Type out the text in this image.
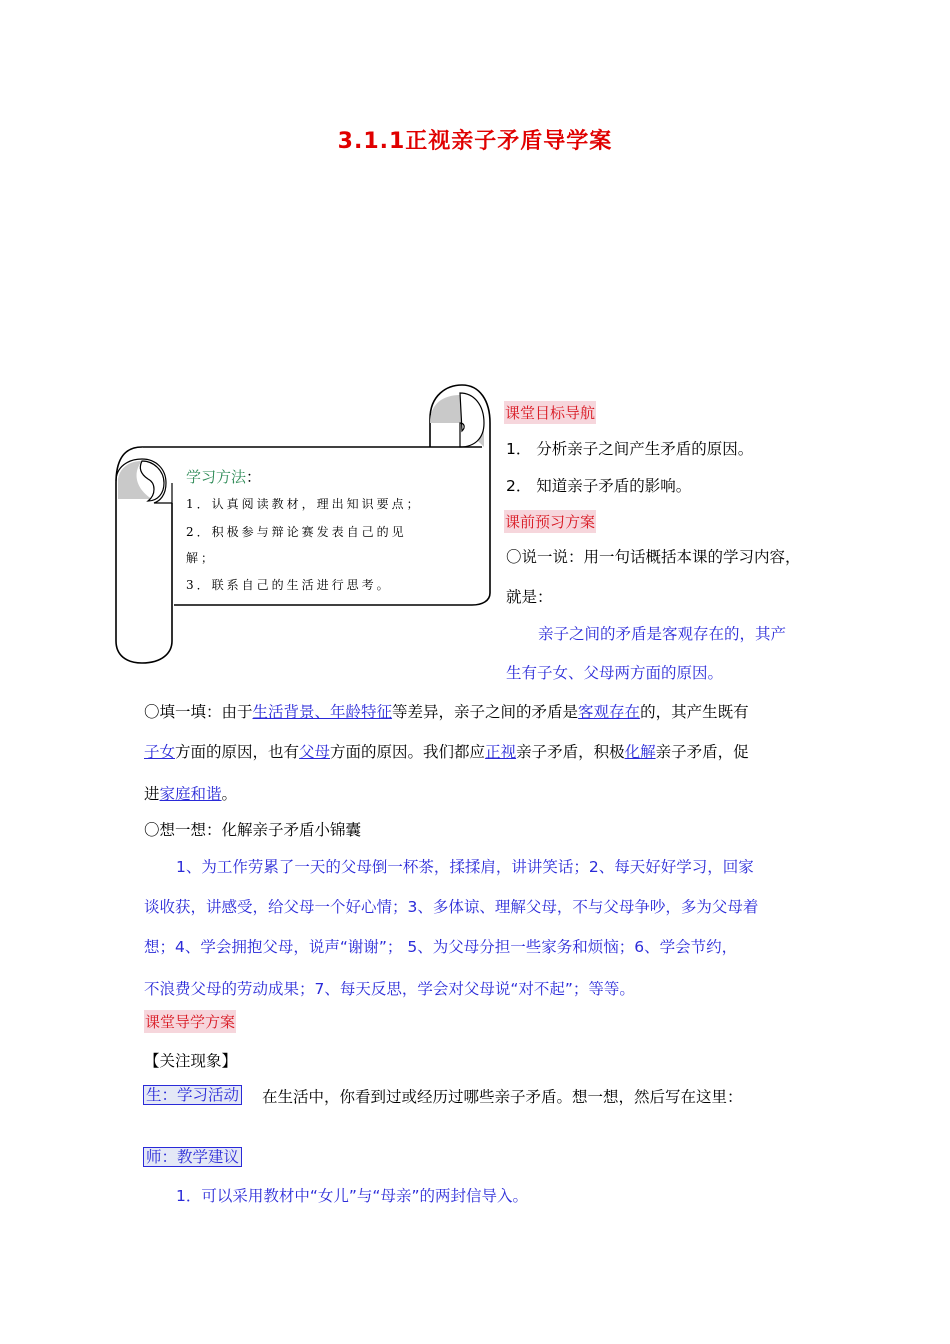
3.1.1正视亲子矛盾导学案
学习方法：
1．认真阅读教材，理出知识要点；
2．积极参与辩论赛发表自己的见
解；
3．联系自己的生活进行思考。
课堂目标导航
1． 分析亲子之间产生矛盾的原因。
2． 知道亲子矛盾的影响。
课前预习方案
〇说一说：用一句话概括本课的学习内容，
就是：
亲子之间的矛盾是客观存在的，其产
生有子女、父母两方面的原因。
〇填一填：由于生活背景、年龄特征等差异，亲子之间的矛盾是客观存在的，其产生既有
子女方面的原因，也有父母方面的原因。我们都应正视亲子矛盾，积极化解亲子矛盾，促
进家庭和谐。
〇想一想：化解亲子矛盾小锦囊
1、为工作劳累了一天的父母倒一杯茶，揉揉肩，讲讲笑话；2、每天好好学习，回家
谈收获，讲感受，给父母一个好心情；3、多体谅、理解父母，不与父母争吵，多为父母着
想；4、学会拥抱父母，说声“谢谢”； 5、为父母分担一些家务和烦恼；6、学会节约，
不浪费父母的劳动成果；7、每天反思，学会对父母说“对不起”；等等。
课堂导学方案
【关注现象】
生：学习活动 在生活中，你看到过或经历过哪些亲子矛盾。想一想，然后写在这里：
师：教学建议
1．可以采用教材中“女儿”与“母亲”的两封信导入。
